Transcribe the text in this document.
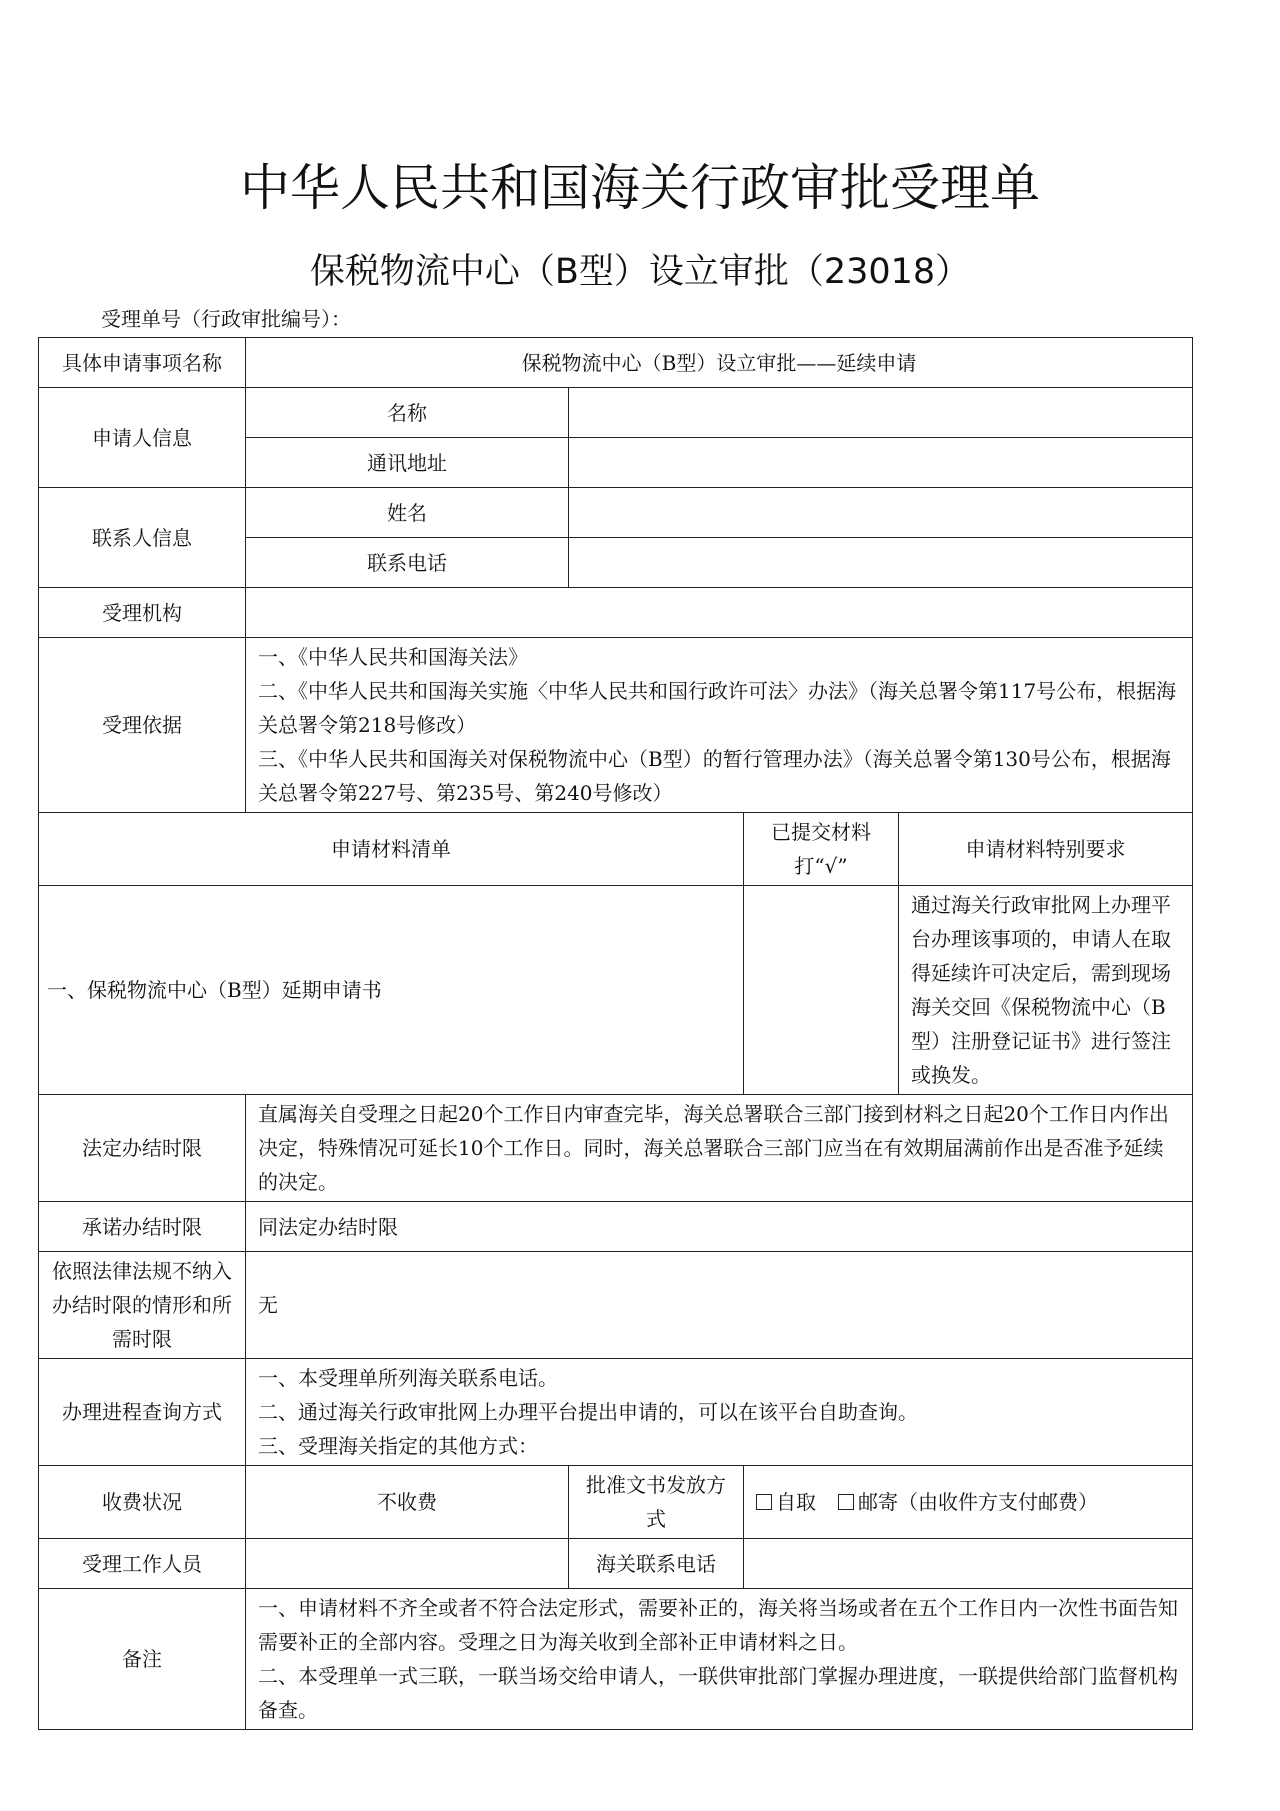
中华人民共和国海关行政审批受理单
保税物流中心（B型）设立审批（23018）
受理单号（行政审批编号）：
具体申请事项名称	保税物流中心（B型）设立审批——延续申请			
申请人信息	名称			
	通讯地址			
联系人信息	姓名			
	联系电话			
受理机构				
受理依据	一、《中华人民共和国海关法》
二、《中华人民共和国海关实施〈中华人民共和国行政许可法〉办法》（海关总署令第117号公布，根据海关总署令第218号修改）
三、《中华人民共和国海关对保税物流中心（B型）的暂行管理办法》（海关总署令第130号公布，根据海关总署令第227号、第235号、第240号修改）			

申请材料清单			已提交材料打“√”	申请材料特别要求
一、保税物流中心（B型）延期申请书				通过海关行政审批网上办理平台办理该事项的，申请人在取得延续许可决定后，需到现场海关交回《保税物流中心（B型）注册登记证书》进行签注或换发。
法定办结时限	直属海关自受理之日起20个工作日内审查完毕，海关总署联合三部门接到材料之日起20个工作日内作出决定，特殊情况可延长10个工作日。同时，海关总署联合三部门应当在有效期届满前作出是否准予延续的决定。			
承诺办结时限	同法定办结时限			
依照法律法规不纳入办结时限的情形和所需时限	无			
办理进程查询方式	一、本受理单所列海关联系电话。
二、通过海关行政审批网上办理平台提出申请的，可以在该平台自助查询。
三、受理海关指定的其他方式：			

收费状况	不收费	批准文书发放方式	自取 邮寄（由收件方支付邮费）	
受理工作人员		海关联系电话		
备注	一、申请材料不齐全或者不符合法定形式，需要补正的，海关将当场或者在五个工作日内一次性书面告知需要补正的全部内容。受理之日为海关收到全部补正申请材料之日。
二、本受理单一式三联，一联当场交给申请人，一联供审批部门掌握办理进度，一联提供给部门监督机构备查。			
